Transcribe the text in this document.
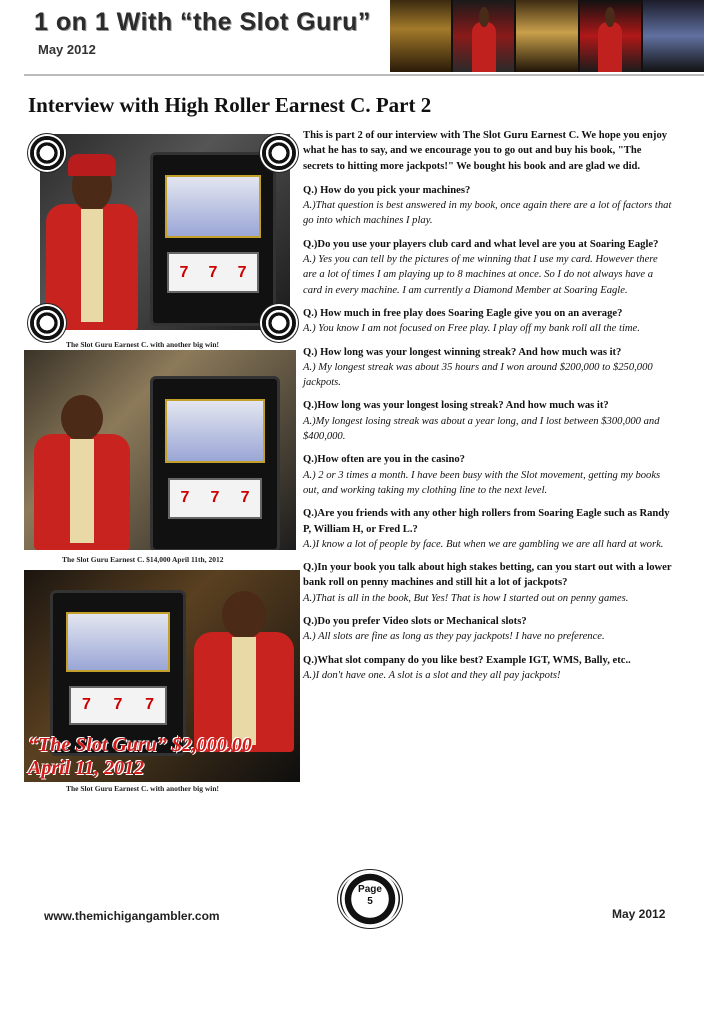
1 on 1 With “the Slot Guru”
May 2012
Interview with High Roller Earnest C. Part 2
7 7 7
The Slot Guru Earnest C. with another big win!
7 7 7
The Slot Guru Earnest C. $14,000 April 11th, 2012
7 7 7
“The Slot Guru” $2,000.00 April 11, 2012
The Slot Guru Earnest C. with another big win!

This is part 2 of our interview with The Slot Guru Earnest C. We hope you enjoy what he has to say, and we encourage you to go out and buy his book, "The secrets to hitting more jackpots!" We bought his book and are glad we did.

Q.) How do you pick your machines?
A.)That question is best answered in my book, once again there are a lot of factors that go into which machines I play.
Q.)Do you use your players club card and what level are you at Soaring Eagle?
A.) Yes you can tell by the pictures of me winning that I use my card. However there are a lot of times I am playing up to 8 machines at once. So I do not always have a card in every machine. I am currently a Diamond Member at Soaring Eagle.
Q.) How much in free play does Soaring Eagle give you on an average?
A.) You know I am not focused on Free play. I play off my bank roll all the time.
Q.) How long was your longest winning streak? And how much was it?
A.) My longest streak was about 35 hours and I won around $200,000 to $250,000 jackpots.
Q.)How long was your longest losing streak? And how much was it?
A.)My longest losing streak was about a year long, and I lost between $300,000 and $400,000.
Q.)How often are you in the casino?
A.) 2 or 3 times a month. I have been busy with the Slot movement, getting my books out, and working taking my clothing line to the next level.
Q.)Are you friends with any other high rollers from Soaring Eagle such as Randy P, William H, or Fred L.?
A.)I know a lot of people by face. But when we are gambling we are all hard at work.
Q.)In your book you talk about high stakes betting, can you start out with a lower bank roll on penny machines and still hit a lot of jackpots?
A.)That is all in the book, But Yes! That is how I started out on penny games.
Q.)Do you prefer Video slots or Mechanical slots?
A.) All slots are fine as long as they pay jackpots! I have no preference.
Q.)What slot company do you like best? Example IGT, WMS, Bally, etc..
A.)I don't have one. A slot is a slot and they all pay jackpots!
Page
5
www.themichigangambler.com	May 2012
